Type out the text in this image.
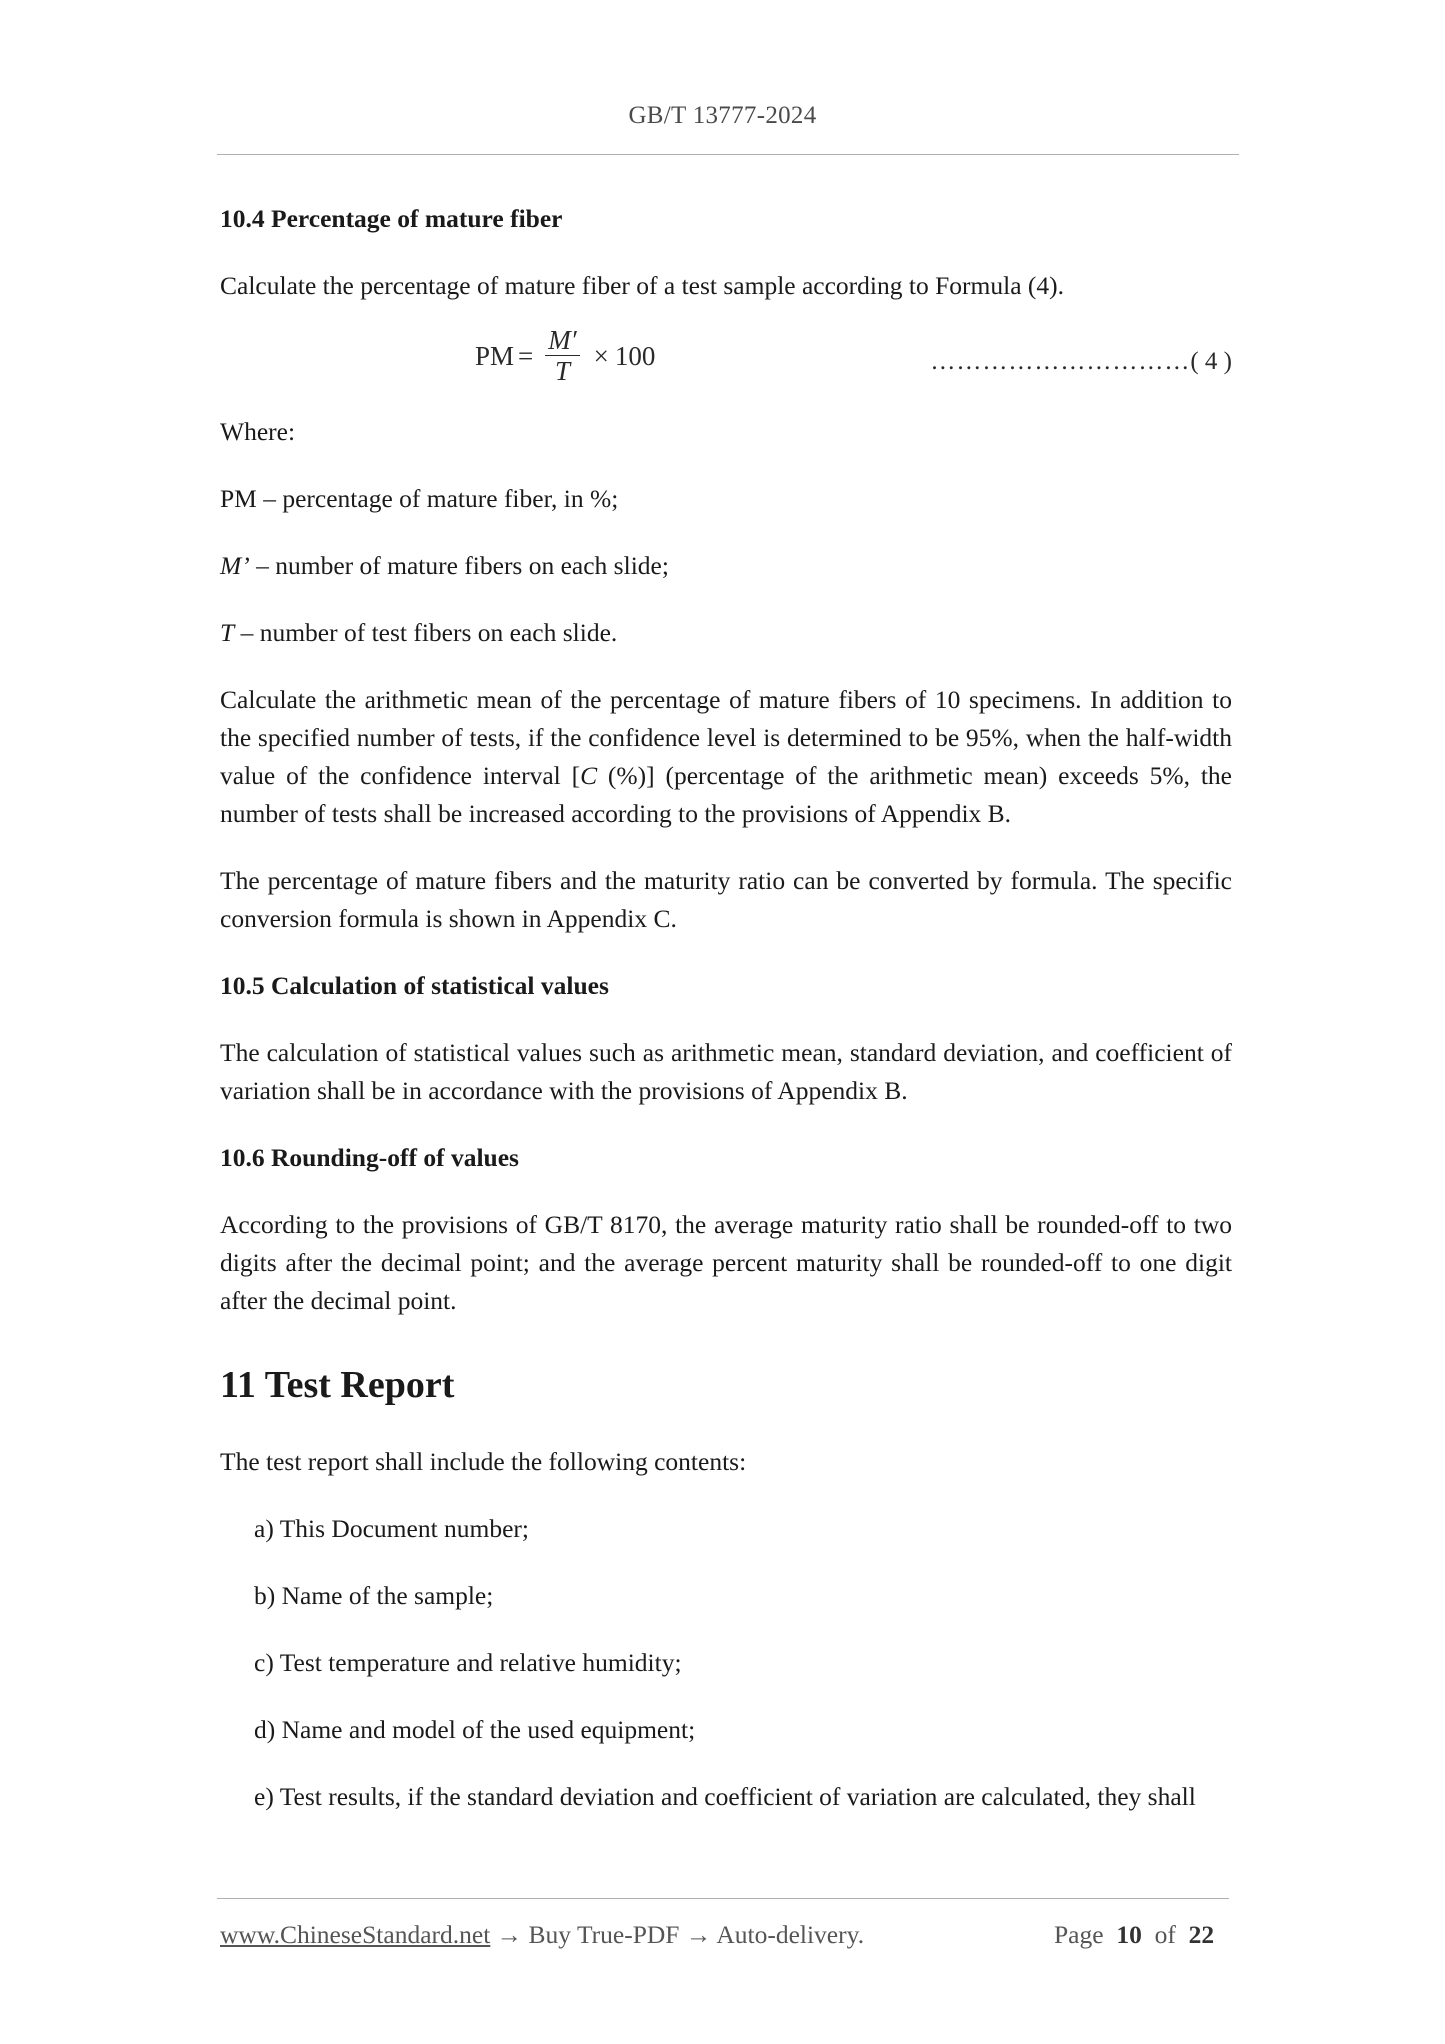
GB/T 13777-2024
10.4 Percentage of mature fiber

Calculate the percentage of mature fiber of a test sample according to Formula (4).

PM = $\frac{M'}{T} \times 100$	…………………………( 4 )

Where:

PM – percentage of mature fiber, in %;

M’ – number of mature fibers on each slide;

T – number of test fibers on each slide.

Calculate the arithmetic mean of the percentage of mature fibers of 10 specimens. In addition to the specified number of tests, if the confidence level is determined to be 95%, when the half-width value of the confidence interval [C (%)] (percentage of the arithmetic mean) exceeds 5%, the number of tests shall be increased according to the provisions of Appendix B.

The percentage of mature fibers and the maturity ratio can be converted by formula. The specific conversion formula is shown in Appendix C.

10.5 Calculation of statistical values

The calculation of statistical values such as arithmetic mean, standard deviation, and coefficient of variation shall be in accordance with the provisions of Appendix B.

10.6 Rounding-off of values

According to the provisions of GB/T 8170, the average maturity ratio shall be rounded-off to two digits after the decimal point; and the average percent maturity shall be rounded-off to one digit after the decimal point.

11 Test Report

The test report shall include the following contents:

a) This Document number;

b) Name of the sample;

c) Test temperature and relative humidity;

d) Name and model of the used equipment;

e) Test results, if the standard deviation and coefficient of variation are calculated, they shall

www.ChineseStandard.net → Buy True-PDF → Auto-delivery.	Page 10 of 22
